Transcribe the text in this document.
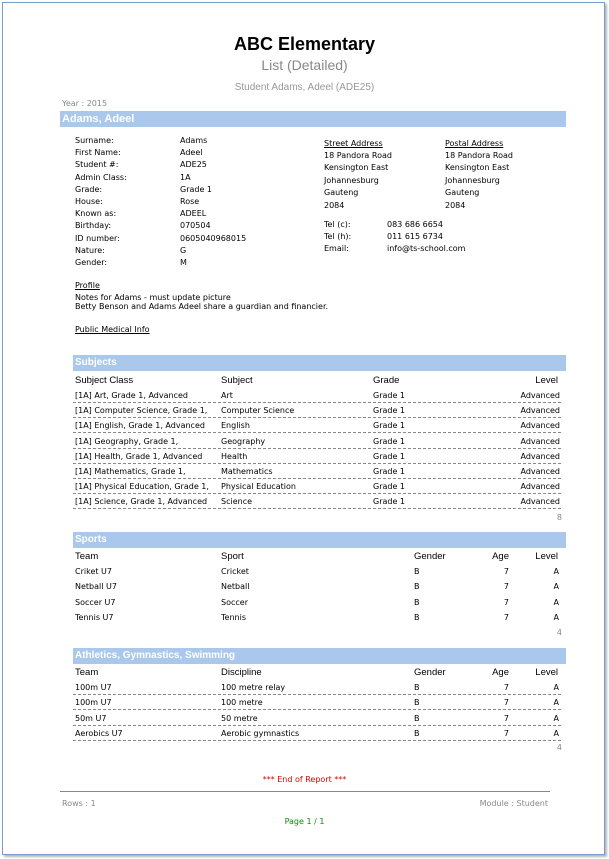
ABC Elementary
List (Detailed)
Student Adams, Adeel (ADE25)
Year : 2015
Adams, Adeel
Surname:	Adams
First Name:	Adeel
Student #:	ADE25
Admin Class:	1A
Grade:	Grade 1
House:	Rose
Known as:	ADEEL
Birthday:	070504
ID number:	0605040968015
Nature:	G
Gender:	M
Street Address
18 Pandora Road
Kensington East
Johannesburg
Gauteng
2084
Postal Address
18 Pandora Road
Kensington East
Johannesburg
Gauteng
2084
Tel (c):	083 686 6654
Tel (h):	011 615 6734
Email:	info@ts-school.com
Profile
Notes for Adams - must update picture
Betty Benson and Adams Adeel share a guardian and financier.
Public Medical Info
Subjects
Subject Class	Subject	Grade	Level
[1A] Art, Grade 1, Advanced	Art	Grade 1	Advanced
[1A] Computer Science, Grade 1,	Computer Science	Grade 1	Advanced
[1A] English, Grade 1, Advanced	English	Grade 1	Advanced
[1A] Geography, Grade 1,	Geography	Grade 1	Advanced
[1A] Health, Grade 1, Advanced	Health	Grade 1	Advanced
[1A] Mathematics, Grade 1,	Mathematics	Grade 1	Advanced
[1A] Physical Education, Grade 1,	Physical Education	Grade 1	Advanced
[1A] Science, Grade 1, Advanced	Science	Grade 1	Advanced
8
Sports
Team	Sport	Gender	Age	Level
Criket U7	Cricket	B	7	A
Netball U7	Netball	B	7	A
Soccer U7	Soccer	B	7	A
Tennis U7	Tennis	B	7	A
4
Athletics, Gymnastics, Swimming
Team	Discipline	Gender	Age	Level
100m U7	100 metre relay	B	7	A
100m U7	100 metre	B	7	A
50m U7	50 metre	B	7	A
Aerobics U7	Aerobic gymnastics	B	7	A
4
*** End of Report ***
Rows : 1	Module : Student
Page 1 / 1
